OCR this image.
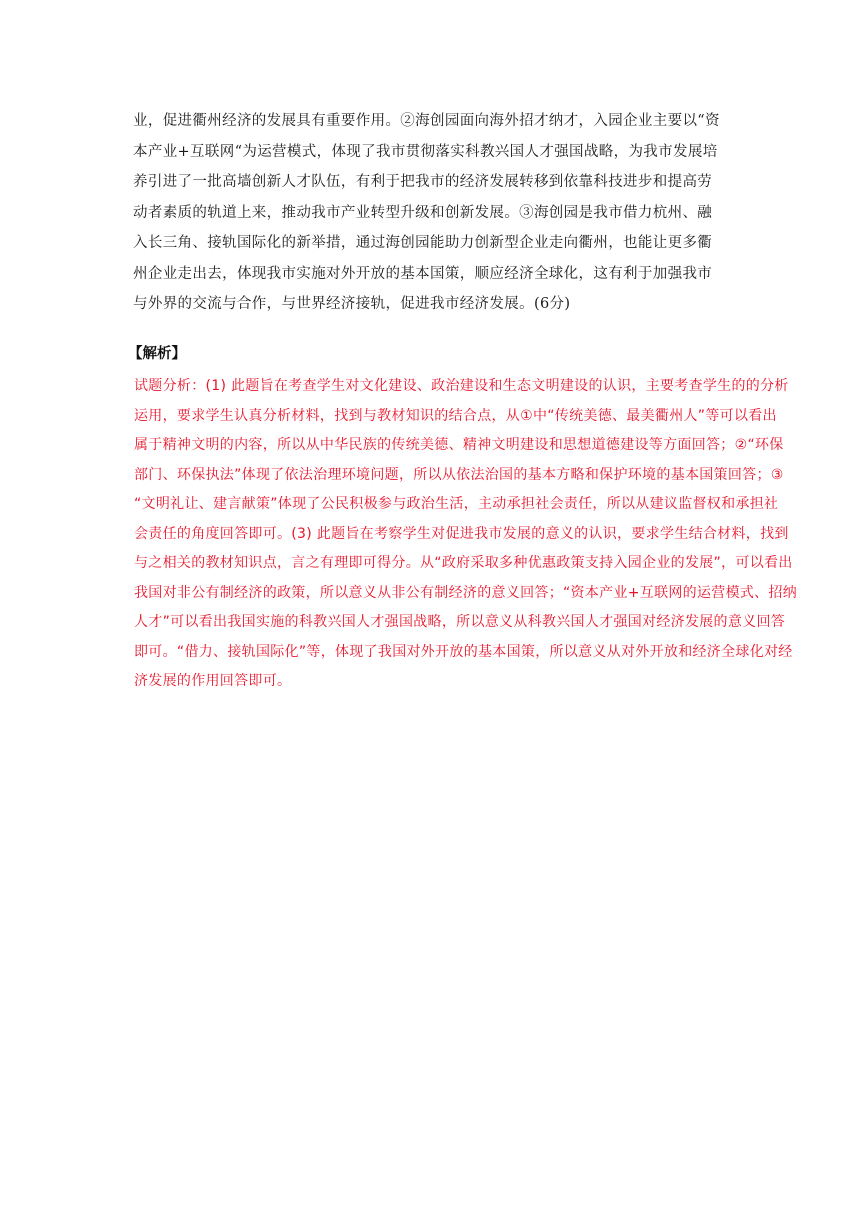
业，促进衢州经济的发展具有重要作用。②海创园面向海外招才纳才，入园企业主要以“资
本产业+互联网“为运营模式，体现了我市贯彻落实科教兴国人才强国战略，为我市发展培
养引进了一批高墙创新人才队伍，有利于把我市的经济发展转移到依靠科技进步和提高劳
动者素质的轨道上来，推动我市产业转型升级和创新发展。③海创园是我市借力杭州、融
入长三角、接轨国际化的新举措，通过海创园能助力创新型企业走向衢州，也能让更多衢
州企业走出去，体现我市实施对外开放的基本国策，顺应经济全球化，这有利于加强我市
与外界的交流与合作，与世界经济接轨，促进我市经济发展。(6分)
【解析】
试题分析：(1) 此题旨在考查学生对文化建设、政治建设和生态文明建设的认识，主要考查学生的的分析
运用，要求学生认真分析材料，找到与教材知识的结合点，从①中“传统美德、最美衢州人”等可以看出
属于精神文明的内容，所以从中华民族的传统美德、精神文明建设和思想道德建设等方面回答；②“环保
部门、环保执法”体现了依法治理环境问题，所以从依法治国的基本方略和保护环境的基本国策回答；③
“文明礼让、建言献策”体现了公民积极参与政治生活，主动承担社会责任，所以从建议监督权和承担社
会责任的角度回答即可。(3) 此题旨在考察学生对促进我市发展的意义的认识，要求学生结合材料，找到
与之相关的教材知识点，言之有理即可得分。从“政府采取多种优惠政策支持入园企业的发展”，可以看出
我国对非公有制经济的政策，所以意义从非公有制经济的意义回答；“资本产业+互联网的运营模式、招纳
人才”可以看出我国实施的科教兴国人才强国战略，所以意义从科教兴国人才强国对经济发展的意义回答
即可。“借力、接轨国际化”等，体现了我国对外开放的基本国策，所以意义从对外开放和经济全球化对经
济发展的作用回答即可。
